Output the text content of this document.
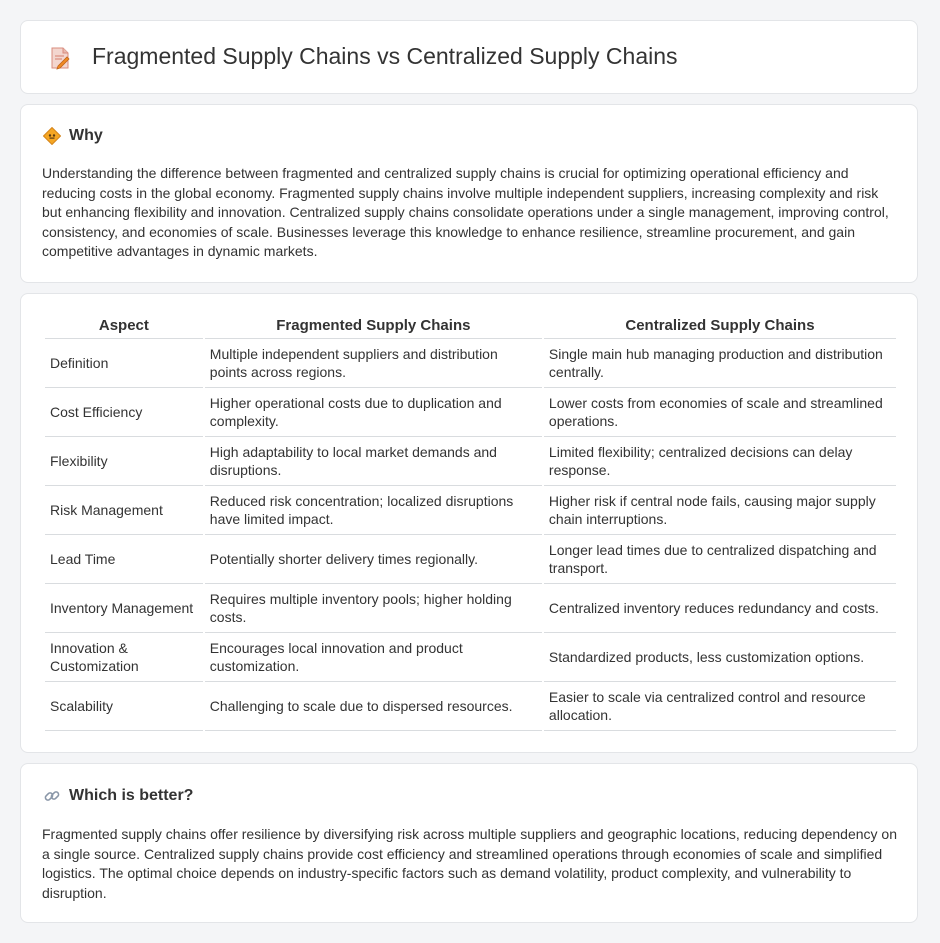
Fragmented Supply Chains vs Centralized Supply Chains
Why

Understanding the difference between fragmented and centralized supply chains is crucial for optimizing operational efficiency and reducing costs in the global economy. Fragmented supply chains involve multiple independent suppliers, increasing complexity and risk but enhancing flexibility and innovation. Centralized supply chains consolidate operations under a single management, improving control, consistency, and economies of scale. Businesses leverage this knowledge to enhance resilience, streamline procurement, and gain competitive advantages in dynamic markets.

Aspect	Fragmented Supply Chains	Centralized Supply Chains
Definition	Multiple independent suppliers and distribution points across regions.	Single main hub managing production and distribution centrally.
Cost Efficiency	Higher operational costs due to duplication and complexity.	Lower costs from economies of scale and streamlined operations.
Flexibility	High adaptability to local market demands and disruptions.	Limited flexibility; centralized decisions can delay response.
Risk Management	Reduced risk concentration; localized disruptions have limited impact.	Higher risk if central node fails, causing major supply chain interruptions.
Lead Time	Potentially shorter delivery times regionally.	Longer lead times due to centralized dispatching and transport.
Inventory Management	Requires multiple inventory pools; higher holding costs.	Centralized inventory reduces redundancy and costs.
Innovation & Customization	Encourages local innovation and product customization.	Standardized products, less customization options.
Scalability	Challenging to scale due to dispersed resources.	Easier to scale via centralized control and resource allocation.
Which is better?

Fragmented supply chains offer resilience by diversifying risk across multiple suppliers and geographic locations, reducing dependency on a single source. Centralized supply chains provide cost efficiency and streamlined operations through economies of scale and simplified logistics. The optimal choice depends on industry-specific factors such as demand volatility, product complexity, and vulnerability to disruption.
